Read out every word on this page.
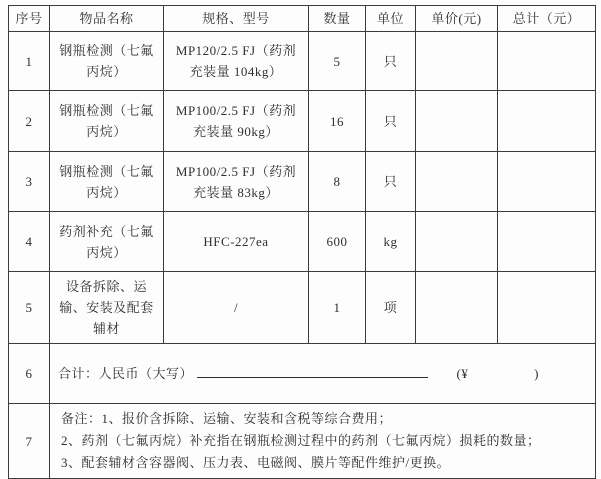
序号	物品名称	规格、型号	数量	单位	单价(元)	总计（元）
1	钢瓶检测（七氟丙烷）	MP120/2.5 FJ（药剂充装量 104kg）	5	只		
2	钢瓶检测（七氟丙烷）	MP100/2.5 FJ（药剂充装量 90kg）	16	只		
3	钢瓶检测（七氟丙烷）	MP100/2.5 FJ（药剂充装量 83kg）	8	只		
4	药剂补充（七氟丙烷）	HFC-227ea	600	kg		
5	设备拆除、运输、安装及配套辅材	/	1	项		
6	合计：人民币（大写） (¥ )					
7	备注：1、报价含拆除、运输、安装和含税等综合费用；
2、药剂（七氟丙烷）补充指在钢瓶检测过程中的药剂（七氟丙烷）损耗的数量；
3、配套辅材含容器阀、压力表、电磁阀、膜片等配件维护/更换。					
